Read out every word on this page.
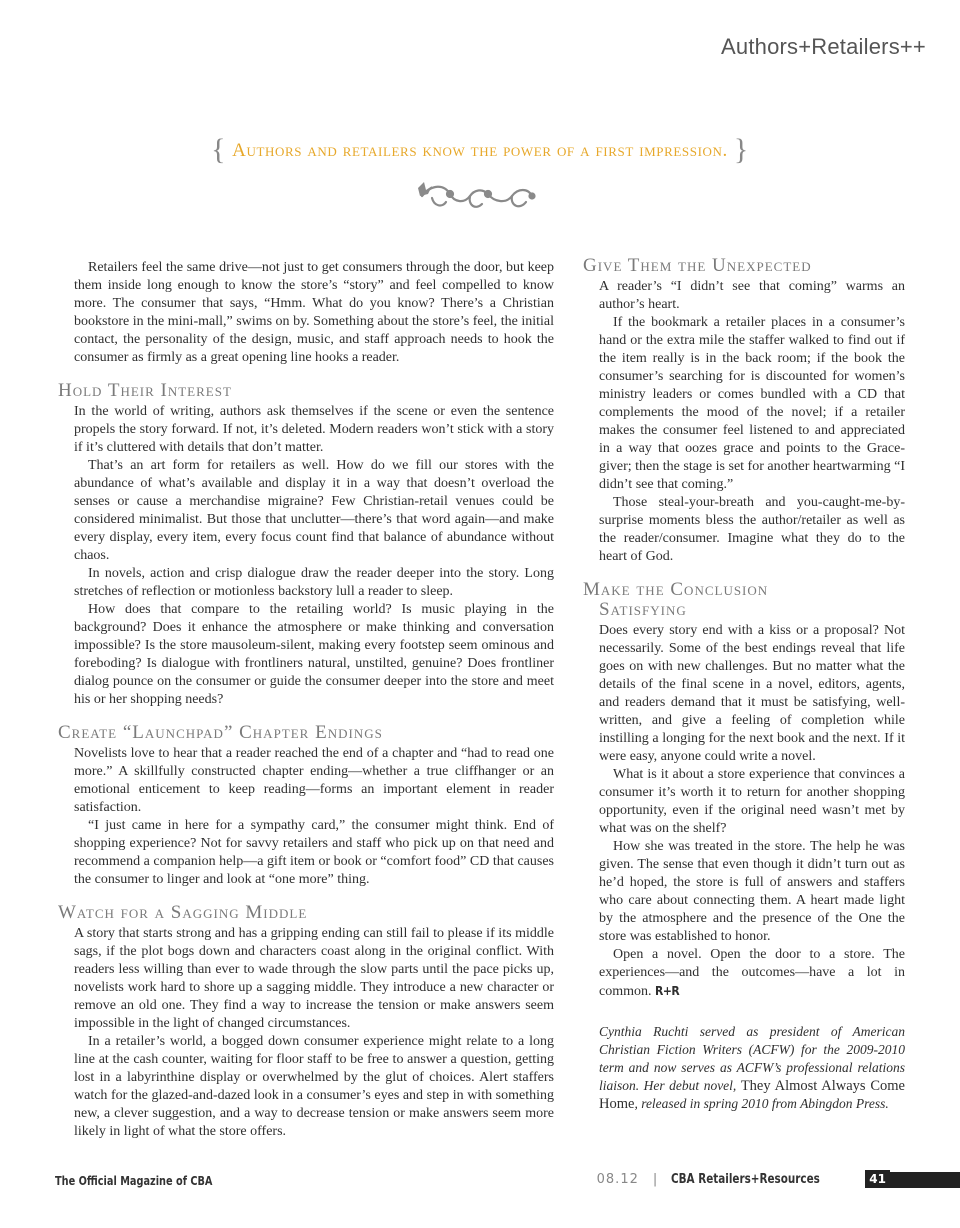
Authors+Retailers++
{ Authors and retailers know the power of a first impression. }

Retailers feel the same drive—not just to get consumers through the door, but keep them inside long enough to know the store’s “story” and feel compelled to know more. The consumer that says, “Hmm. What do you know? There’s a Christian bookstore in the mini-mall,” swims on by. Something about the store’s feel, the initial contact, the personality of the design, music, and staff approach needs to hook the consumer as firmly as a great opening line hooks a reader.

Hold Their Interest

In the world of writing, authors ask themselves if the scene or even the sentence propels the story forward. If not, it’s deleted. Modern readers won’t stick with a story if it’s cluttered with details that don’t matter.

That’s an art form for retailers as well. How do we fill our stores with the abundance of what’s available and display it in a way that doesn’t overload the senses or cause a merchandise migraine? Few Christian-retail venues could be considered minimalist. But those that unclutter—there’s that word again—and make every display, every item, every focus count find that balance of abundance without chaos.

In novels, action and crisp dialogue draw the reader deeper into the story. Long stretches of reflection or motionless backstory lull a reader to sleep.

How does that compare to the retailing world? Is music playing in the background? Does it enhance the atmosphere or make thinking and conversation impossible? Is the store mausoleum-silent, making every footstep seem ominous and foreboding? Is dialogue with frontliners natural, unstilted, genuine? Does frontliner dialog pounce on the consumer or guide the consumer deeper into the store and meet his or her shopping needs?

Create “Launchpad” Chapter Endings

Novelists love to hear that a reader reached the end of a chapter and “had to read one more.” A skillfully constructed chapter ending—whether a true cliffhanger or an emotional enticement to keep reading—forms an important element in reader satisfaction.

“I just came in here for a sympathy card,” the consumer might think. End of shopping experience? Not for savvy retailers and staff who pick up on that need and recommend a companion help—a gift item or book or “comfort food” CD that causes the consumer to linger and look at “one more” thing.

Watch for a Sagging Middle

A story that starts strong and has a gripping ending can still fail to please if its middle sags, if the plot bogs down and characters coast along in the original conflict. With readers less willing than ever to wade through the slow parts until the pace picks up, novelists work hard to shore up a sagging middle. They introduce a new character or remove an old one. They find a way to increase the tension or make answers seem impossible in the light of changed circumstances.

In a retailer’s world, a bogged down consumer experience might relate to a long line at the cash counter, waiting for floor staff to be free to answer a question, getting lost in a labyrinthine display or overwhelmed by the glut of choices. Alert staffers watch for the glazed-and-dazed look in a consumer’s eyes and step in with something new, a clever suggestion, and a way to decrease tension or make answers seem more likely in light of what the store offers.

Give Them the Unexpected

A reader’s “I didn’t see that coming” warms an author’s heart.

If the bookmark a retailer places in a consumer’s hand or the extra mile the staffer walked to find out if the item really is in the back room; if the book the consumer’s searching for is discounted for women’s ministry leaders or comes bundled with a CD that complements the mood of the novel; if a retailer makes the consumer feel listened to and appreciated in a way that oozes grace and points to the Grace-giver; then the stage is set for another heartwarming “I didn’t see that coming.”

Those steal-your-breath and you-caught-me-by-surprise moments bless the author/retailer as well as the reader/consumer. Imagine what they do to the heart of God.

Make the Conclusion
Satisfying

Does every story end with a kiss or a proposal? Not necessarily. Some of the best endings reveal that life goes on with new challenges. But no matter what the details of the final scene in a novel, editors, agents, and readers demand that it must be satisfying, well-written, and give a feeling of completion while instilling a longing for the next book and the next. If it were easy, anyone could write a novel.

What is it about a store experience that convinces a consumer it’s worth it to return for another shopping opportunity, even if the original need wasn’t met by what was on the shelf?

How she was treated in the store. The help he was given. The sense that even though it didn’t turn out as he’d hoped, the store is full of answers and staffers who care about connecting them. A heart made light by the atmosphere and the presence of the One the store was established to honor.

Open a novel. Open the door to a store. The experiences—and the outcomes—have a lot in common. R+R

Cynthia Ruchti served as president of American Christian Fiction Writers (ACFW) for the 2009-2010 term and now serves as ACFW’s professional relations liaison. Her debut novel, They Almost Always Come Home, released in spring 2010 from Abingdon Press.
The Official Magazine of CBA	08.12 | CBA Retailers+Resources	41
